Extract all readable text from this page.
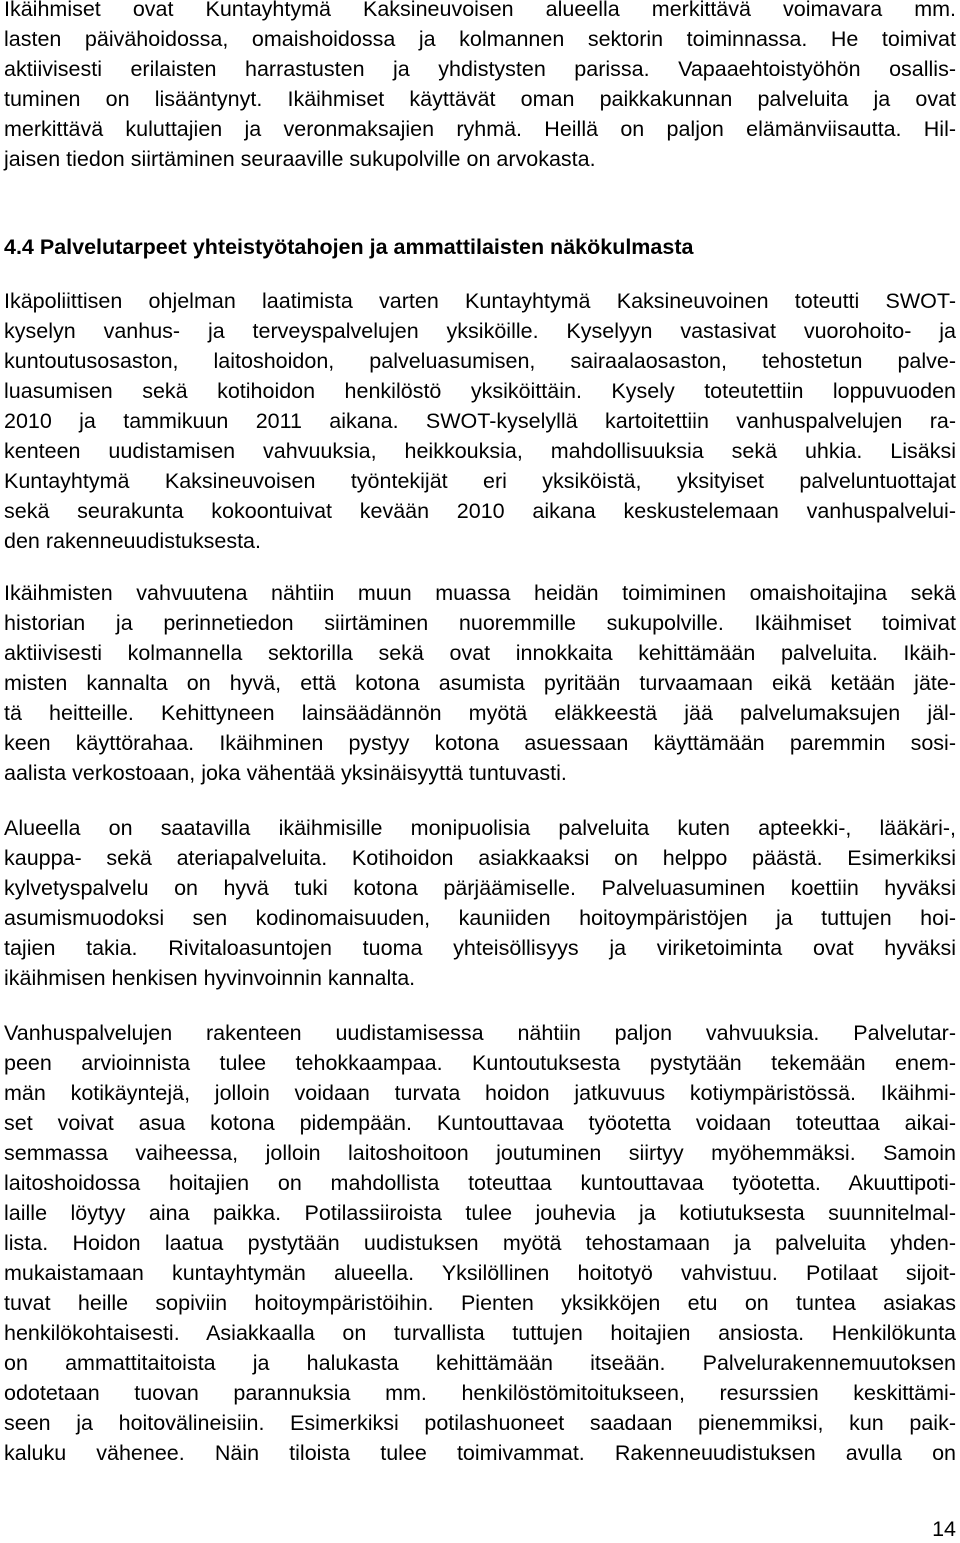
Ikäihmiset ovat Kuntayhtymä Kaksineuvoisen alueella merkittävä voimavara mm.
lasten päivähoidossa, omaishoidossa ja kolmannen sektorin toiminnassa. He toimivat
aktiivisesti erilaisten harrastusten ja yhdistysten parissa. Vapaaehtoistyöhön osallis-
tuminen on lisääntynyt. Ikäihmiset käyttävät oman paikkakunnan palveluita ja ovat
merkittävä kuluttajien ja veronmaksajien ryhmä. Heillä on paljon elämänviisautta. Hil-
jaisen tiedon siirtäminen seuraaville sukupolville on arvokasta.

4.4 Palvelutarpeet yhteistyötahojen ja ammattilaisten näkökulmasta

Ikäpoliittisen ohjelman laatimista varten Kuntayhtymä Kaksineuvoinen toteutti SWOT-
kyselyn vanhus- ja terveyspalvelujen yksiköille. Kyselyyn vastasivat vuorohoito- ja
kuntoutusosaston, laitoshoidon, palveluasumisen, sairaalaosaston, tehostetun palve-
luasumisen sekä kotihoidon henkilöstö yksiköittäin. Kysely toteutettiin loppuvuoden
2010 ja tammikuun 2011 aikana. SWOT-kyselyllä kartoitettiin vanhuspalvelujen ra-
kenteen uudistamisen vahvuuksia, heikkouksia, mahdollisuuksia sekä uhkia. Lisäksi
Kuntayhtymä Kaksineuvoisen työntekijät eri yksiköistä, yksityiset palveluntuottajat
sekä seurakunta kokoontuivat kevään 2010 aikana keskustelemaan vanhuspalvelui-
den rakenneuudistuksesta.

Ikäihmisten vahvuutena nähtiin muun muassa heidän toimiminen omaishoitajina sekä
historian ja perinnetiedon siirtäminen nuoremmille sukupolville. Ikäihmiset toimivat
aktiivisesti kolmannella sektorilla sekä ovat innokkaita kehittämään palveluita. Ikäih-
misten kannalta on hyvä, että kotona asumista pyritään turvaamaan eikä ketään jäte-
tä heitteille. Kehittyneen lainsäädännön myötä eläkkeestä jää palvelumaksujen jäl-
keen käyttörahaa. Ikäihminen pystyy kotona asuessaan käyttämään paremmin sosi-
aalista verkostoaan, joka vähentää yksinäisyyttä tuntuvasti.

Alueella on saatavilla ikäihmisille monipuolisia palveluita kuten apteekki-, lääkäri-,
kauppa- sekä ateriapalveluita. Kotihoidon asiakkaaksi on helppo päästä. Esimerkiksi
kylvetyspalvelu on hyvä tuki kotona pärjäämiselle. Palveluasuminen koettiin hyväksi
asumismuodoksi sen kodinomaisuuden, kauniiden hoitoympäristöjen ja tuttujen hoi-
tajien takia. Rivitaloasuntojen tuoma yhteisöllisyys ja viriketoiminta ovat hyväksi
ikäihmisen henkisen hyvinvoinnin kannalta.

Vanhuspalvelujen rakenteen uudistamisessa nähtiin paljon vahvuuksia. Palvelutar-
peen arvioinnista tulee tehokkaampaa. Kuntoutuksesta pystytään tekemään enem-
män kotikäyntejä, jolloin voidaan turvata hoidon jatkuvuus kotiympäristössä. Ikäihmi-
set voivat asua kotona pidempään. Kuntouttavaa työotetta voidaan toteuttaa aikai-
semmassa vaiheessa, jolloin laitoshoitoon joutuminen siirtyy myöhemmäksi. Samoin
laitoshoidossa hoitajien on mahdollista toteuttaa kuntouttavaa työotetta. Akuuttipoti-
laille löytyy aina paikka. Potilassiiroista tulee jouhevia ja kotiutuksesta suunnitelmal-
lista. Hoidon laatua pystytään uudistuksen myötä tehostamaan ja palveluita yhden-
mukaistamaan kuntayhtymän alueella. Yksilöllinen hoitotyö vahvistuu. Potilaat sijoit-
tuvat heille sopiviin hoitoympäristöihin. Pienten yksikköjen etu on tuntea asiakas
henkilökohtaisesti. Asiakkaalla on turvallista tuttujen hoitajien ansiosta. Henkilökunta
on ammattitaitoista ja halukasta kehittämään itseään. Palvelurakennemuutoksen
odotetaan tuovan parannuksia mm. henkilöstömitoitukseen, resurssien keskittämi-
seen ja hoitovälineisiin. Esimerkiksi potilashuoneet saadaan pienemmiksi, kun paik-
kaluku vähenee. Näin tiloista tulee toimivammat. Rakenneuudistuksen avulla on

14
